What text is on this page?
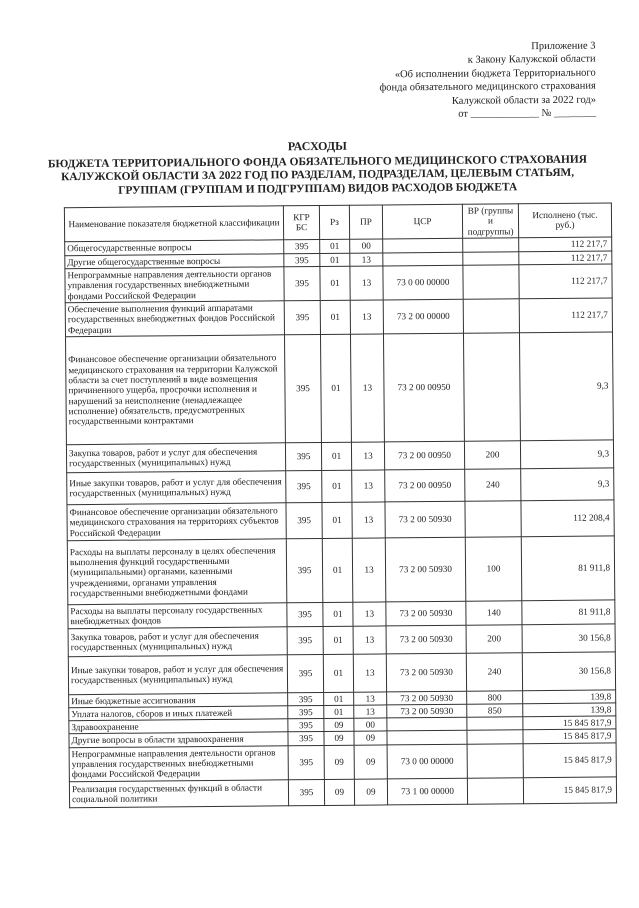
Приложение 3
к Закону Калужской области
«Об исполнении бюджета Территориального
фонда обязательного медицинского страхования
Калужской области за 2022 год»
от _____________ № ________
РАСХОДЫ
БЮДЖЕТА ТЕРРИТОРИАЛЬНОГО ФОНДА ОБЯЗАТЕЛЬНОГО МЕДИЦИНСКОГО СТРАХОВАНИЯ
КАЛУЖСКОЙ ОБЛАСТИ ЗА 2022 ГОД ПО РАЗДЕЛАМ, ПОДРАЗДЕЛАМ, ЦЕЛЕВЫМ СТАТЬЯМ,
ГРУППАМ (ГРУППАМ И ПОДГРУППАМ) ВИДОВ РАСХОДОВ БЮДЖЕТА
Наименование показателя бюджетной классификации	КГР БС	Рз	ПР	ЦСР	ВР (группы и подгруппы)	Исполнено (тыс. руб.)
Общегосударственные вопросы	395	01	00			112 217,7
Другие общегосударственные вопросы	395	01	13			112 217,7
Непрограммные направления деятельности органов управления государственных внебюджетными фондами Российской Федерации	395	01	13	73 0 00 00000		112 217,7
Обеспечение выполнения функций аппаратами государственных внебюджетных фондов Российской Федерации	395	01	13	73 2 00 00000		112 217,7
Финансовое обеспечение организации обязательного медицинского страхования на территории Калужской области за счет поступлений в виде возмещения причиненного ущерба, просрочки исполнения и нарушений за неисполнение (ненадлежащее исполнение) обязательств, предусмотренных государственными контрактами	395	01	13	73 2 00 00950		9,3
Закупка товаров, работ и услуг для обеспечения государственных (муниципальных) нужд	395	01	13	73 2 00 00950	200	9,3
Иные закупки товаров, работ и услуг для обеспечения государственных (муниципальных) нужд	395	01	13	73 2 00 00950	240	9,3
Финансовое обеспечение организации обязательного медицинского страхования на территориях субъектов Российской Федерации	395	01	13	73 2 00 50930		112 208,4
Расходы на выплаты персоналу в целях обеспечения выполнения функций государственными (муниципальными) органами, казенными учреждениями, органами управления государственными внебюджетными фондами	395	01	13	73 2 00 50930	100	81 911,8
Расходы на выплаты персоналу государственных внебюджетных фондов	395	01	13	73 2 00 50930	140	81 911,8
Закупка товаров, работ и услуг для обеспечения государственных (муниципальных) нужд	395	01	13	73 2 00 50930	200	30 156,8
Иные закупки товаров, работ и услуг для обеспечения государственных (муниципальных) нужд	395	01	13	73 2 00 50930	240	30 156,8
Иные бюджетные ассигнования	395	01	13	73 2 00 50930	800	139,8
Уплата налогов, сборов и иных платежей	395	01	13	73 2 00 50930	850	139,8
Здравоохранение	395	09	00			15 845 817,9
Другие вопросы в области здравоохранения	395	09	09			15 845 817,9
Непрограммные направления деятельности органов управления государственных внебюджетными фондами Российской Федерации	395	09	09	73 0 00 00000		15 845 817,9
Реализация государственных функций в области социальной политики	395	09	09	73 1 00 00000		15 845 817,9
